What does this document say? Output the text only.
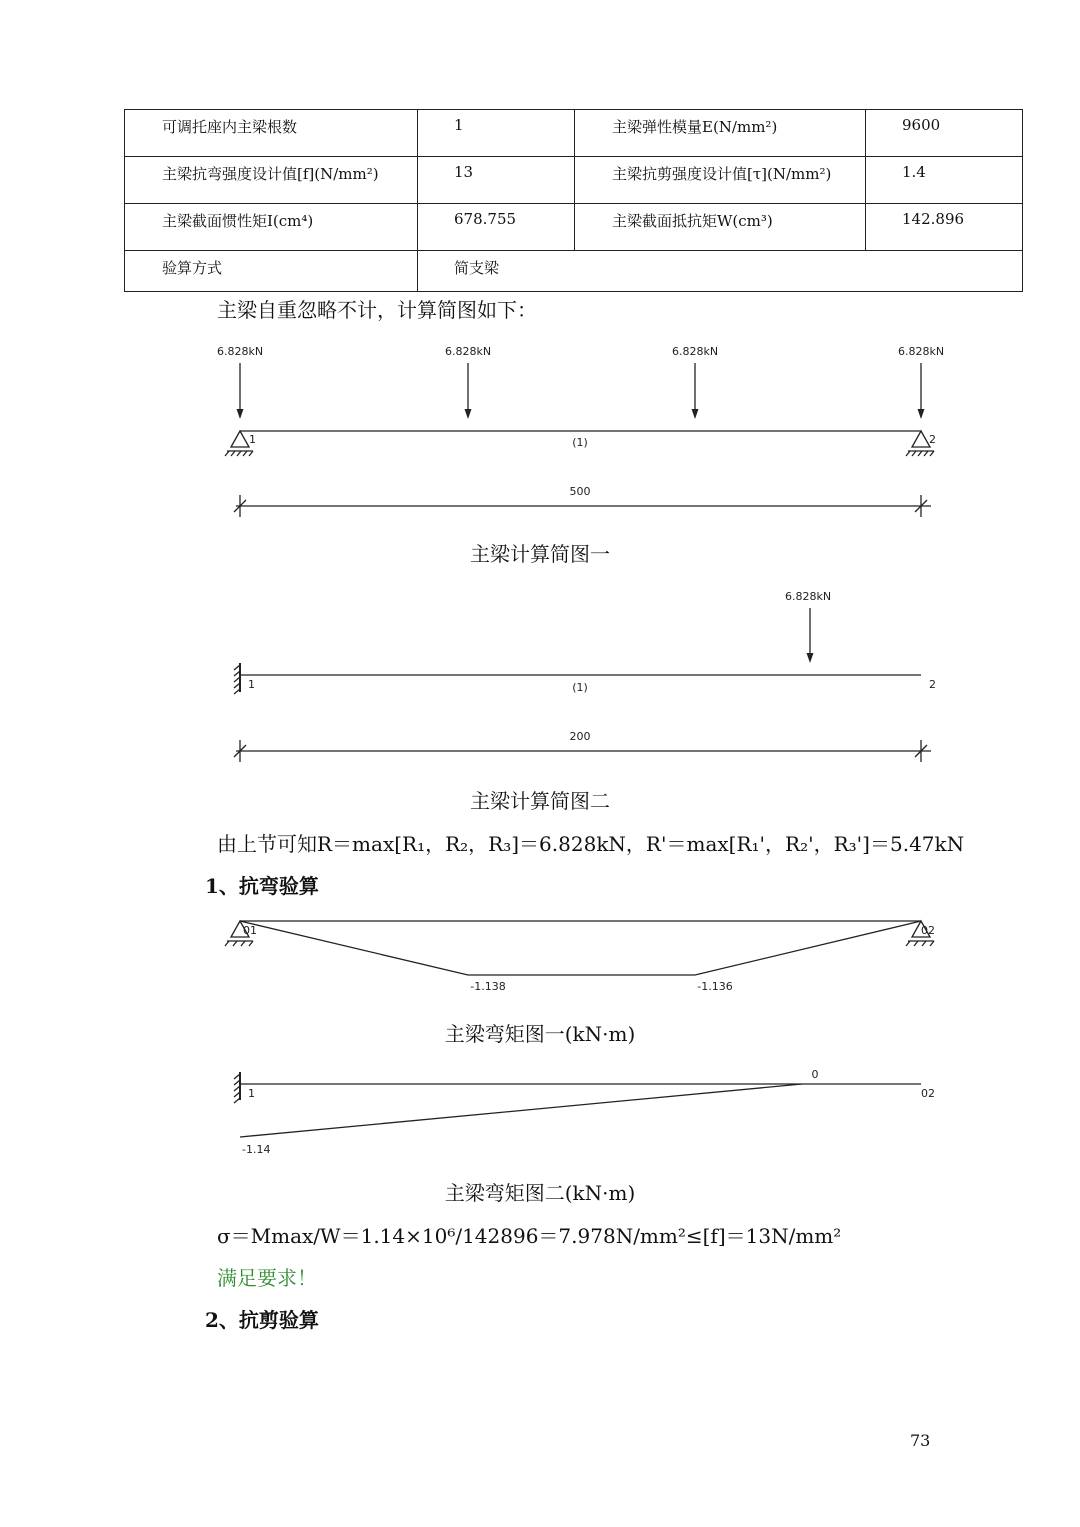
可调托座内主梁根数	1	主梁弹性模量E(N/mm²)	9600
主梁抗弯强度设计值[f](N/mm²)	13	主梁抗剪强度设计值[τ](N/mm²)	1.4
主梁截面惯性矩I(cm⁴)	678.755	主梁截面抵抗矩W(cm³)	142.896
验算方式	简支梁		
主梁自重忽略不计，计算简图如下：
6.828kN	6.828kN	6.828kN	6.828kN
1	2
(1)
500
主梁计算简图一
6.828kN
1	2
(1)
200
主梁计算简图二
由上节可知R＝max[R₁，R₂，R₃]＝6.828kN，R'＝max[R₁'，R₂'，R₃']＝5.47kN
1、抗弯验算
01	02
-1.138	-1.136
主梁弯矩图一(kN·m)
1	02
0
-1.14
主梁弯矩图二(kN·m)
σ＝Mmax/W＝1.14×10⁶/142896＝7.978N/mm²≤[f]＝13N/mm²
满足要求！
2、抗剪验算
73
